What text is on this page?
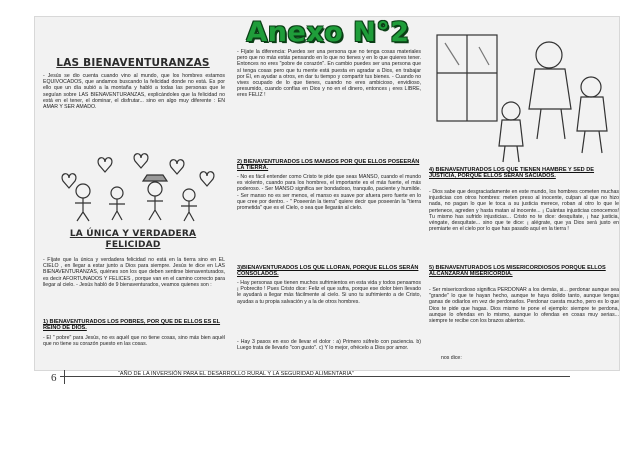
Anexo N°2
LAS BIENAVENTURANZAS
- Jesús se dio cuenta cuando vino al mundo, que los hombres estamos EQUIVOCADOS, que andamos buscando la felicidad donde no está. Es por ello que un día subió a la montaña y habló a todas las personas que le seguían sobre LAS BIENAVENTURANZAS, explicándoles que la felicidad no está en el tener, el dominar, el disfrutar... sino en algo muy diferente : EN AMAR Y SER AMADO.
LA ÚNICA Y VERDADERA FELICIDAD
- Fíjate que la única y verdadera felicidad no está en la tierra sino en EL CIELO , en llegar a estar junto a Dios para siempre. Jesús te dice en LAS BIENAVENTURANZAS, quiénes son los que deben sentirse bienaventurados, es decir AFORTUNADOS Y FELICES , porque van en el camino correcto para llegar al cielo. - Jesús habló de 9 bienaventurados, veamos quienes son :
1) BIENAVENTURADOS LOS POBRES, POR QUE DE ELLOS ES EL REINO DE DIOS.
- El " pobre" para Jesús, no es aquél que no tiene cosas, sino más bien aquél que no tiene su corazón puesto en las cosas.
- Fíjate la diferencia: Puedes ser una persona que no tenga cosas materiales pero que no más estás pensando en lo que no tienes y en lo que quieres tener. Entonces no eres "pobre de corazón". En cambio puedes ser una persona que sí tenga cosas pero que tu mente está puesta en agradar a Dios, en trabajar por Él, en ayudar a otros, en dar tu tiempo y compartir tus bienes. - Cuando no vives ocupado de lo que tienes, cuando no eres ambicioso, envidioso, presumido, cuando confías en Dios y no en el dinero, entonces ¡ eres LIBRE, eres FELIZ !
2) BIENAVENTURADOS LOS MANSOS POR QUE ELLOS POSEERÁN LA TIERRA.
- No es fácil entender como Cristo te pide que seas MANSO, cuando el mundo es violento, cuando para los hombres, el importante es el más fuerte, el más poderoso. - Ser MANSO significa ser bondadoso, tranquilo, paciente y humilde. - Ser manso no es ser menos, el manso es suave por afuera pero fuerte en lo que cree por dentro. - " Poseerán la tierra" quiere decir que poseerán la "tierra prometida" que es el Cielo, o sea que llegarán al cielo.
3)BIENAVENTURADOS LOS QUE LLORAN, PORQUE ELLOS SERÁN CONSOLADOS.
- Hay personas que tienen muchos sufrimientos en esta vida y todos pensamos ¡ Pobrecito ! Pues Cristo dice: Feliz el que sufra, porque ese dolor bien llevado le ayudará a llegar más fácilmente al cielo. Si uno tu sufrimiento a de Cristo, ayudas a tu propia salvación y a la de otros hombres.
- Hay 3 pasos en eso de llevar el dolor : a) Primero súfrelo con paciencia. b) Luego trata de llevarlo "con gusto". c) Y lo mejor, ofrécelo a Dios por amor.
4) BIENAVENTURADOS LOS QUE TIENEN HAMBRE Y SED DE JUSTICIA, PORQUE ELLOS SERÁN SACIADOS.
- Dios sabe que desgraciadamente en este mundo, los hombres cometen muchas injusticias con otros hombres: meten preso al inocente, culpan al que no hizo nada, no pagan lo que le toca a su justicia merece, roban al otro lo que le pertenece, agreden y hasta matan al inocente... ¡ Cuántas injusticias conocemos! Tu mismo has sufrido injusticias... Cristo no te dice: desquítate, ¡ haz justicia, véngate, desquítate... sino que te dice: ¡ alégrate, que ya Dios será justo en premiarte en el cielo por lo que has pasado aquí en la tierra !
5) BIENAVENTURADOS LOS MISERICORDIOSOS PORQUE ELLOS ALCANZARÁN MISERICORDIA.
- Ser misericordioso significa PERDONAR a los demás, si... perdonar aunque sea "grande" lo que te hayan hecho, aunque te haya dolido tanto, aunque tengas ganas de odiarlos en vez de perdonarlos. Perdonar cuesta mucho, pero es lo que Dios te pide que hagas. Dios mismo te pone el ejemplo: siempre te perdona, aunque lo ofendas en lo mismo, aunque lo ofendas en cosas muy serias... siempre te recibe con los brazos abiertos.
nos dice:
6	“AÑO DE LA INVERSIÓN PARA EL DESARROLLO RURAL Y LA SEGURIDAD ALIMENTARIA”
